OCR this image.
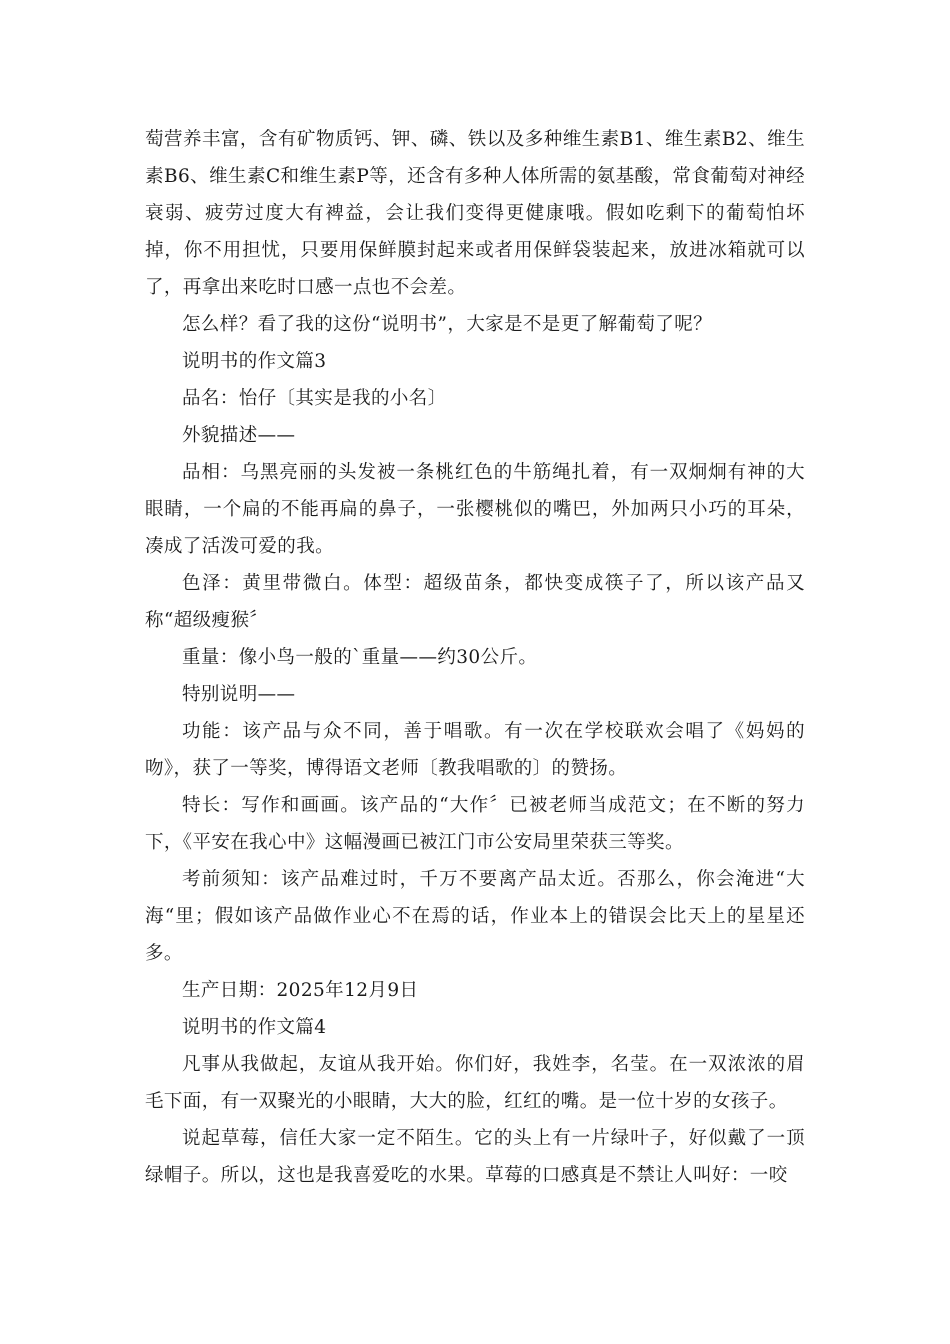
萄营养丰富，含有矿物质钙、钾、磷、铁以及多种维生素B1、维生素B2、维生素B6、维生素C和维生素P等，还含有多种人体所需的氨基酸，常食葡萄对神经衰弱、疲劳过度大有裨益，会让我们变得更健康哦。假如吃剩下的葡萄怕坏掉，你不用担忧，只要用保鲜膜封起来或者用保鲜袋装起来，放进冰箱就可以了，再拿出来吃时口感一点也不会差。

怎么样？看了我的这份“说明书”，大家是不是更了解葡萄了呢？

说明书的作文篇3

品名：怡仔〔其实是我的小名〕

外貌描述——

品相：乌黑亮丽的头发被一条桃红色的牛筋绳扎着，有一双炯炯有神的大眼睛，一个扁的不能再扁的鼻子，一张樱桃似的嘴巴，外加两只小巧的耳朵，凑成了活泼可爱的我。

色泽：黄里带微白。体型：超级苗条，都快变成筷子了，所以该产品又称“超级瘦猴〞

重量：像小鸟一般的`重量——约30公斤。

特别说明——

功能：该产品与众不同，善于唱歌。有一次在学校联欢会唱了《妈妈的吻》，获了一等奖，博得语文老师〔教我唱歌的〕的赞扬。

特长：写作和画画。该产品的“大作〞已被老师当成范文；在不断的努力下，《平安在我心中》这幅漫画已被江门市公安局里荣获三等奖。

考前须知：该产品难过时，千万不要离产品太近。否那么，你会淹进“大海“里；假如该产品做作业心不在焉的话，作业本上的错误会比天上的星星还多。

生产日期：2025年12月9日

说明书的作文篇4

凡事从我做起，友谊从我开始。你们好，我姓李，名莹。在一双浓浓的眉毛下面，有一双聚光的小眼睛，大大的脸，红红的嘴。是一位十岁的女孩子。

说起草莓，信任大家一定不陌生。它的头上有一片绿叶子，好似戴了一顶绿帽子。所以，这也是我喜爱吃的水果。草莓的口感真是不禁让人叫好：一咬
